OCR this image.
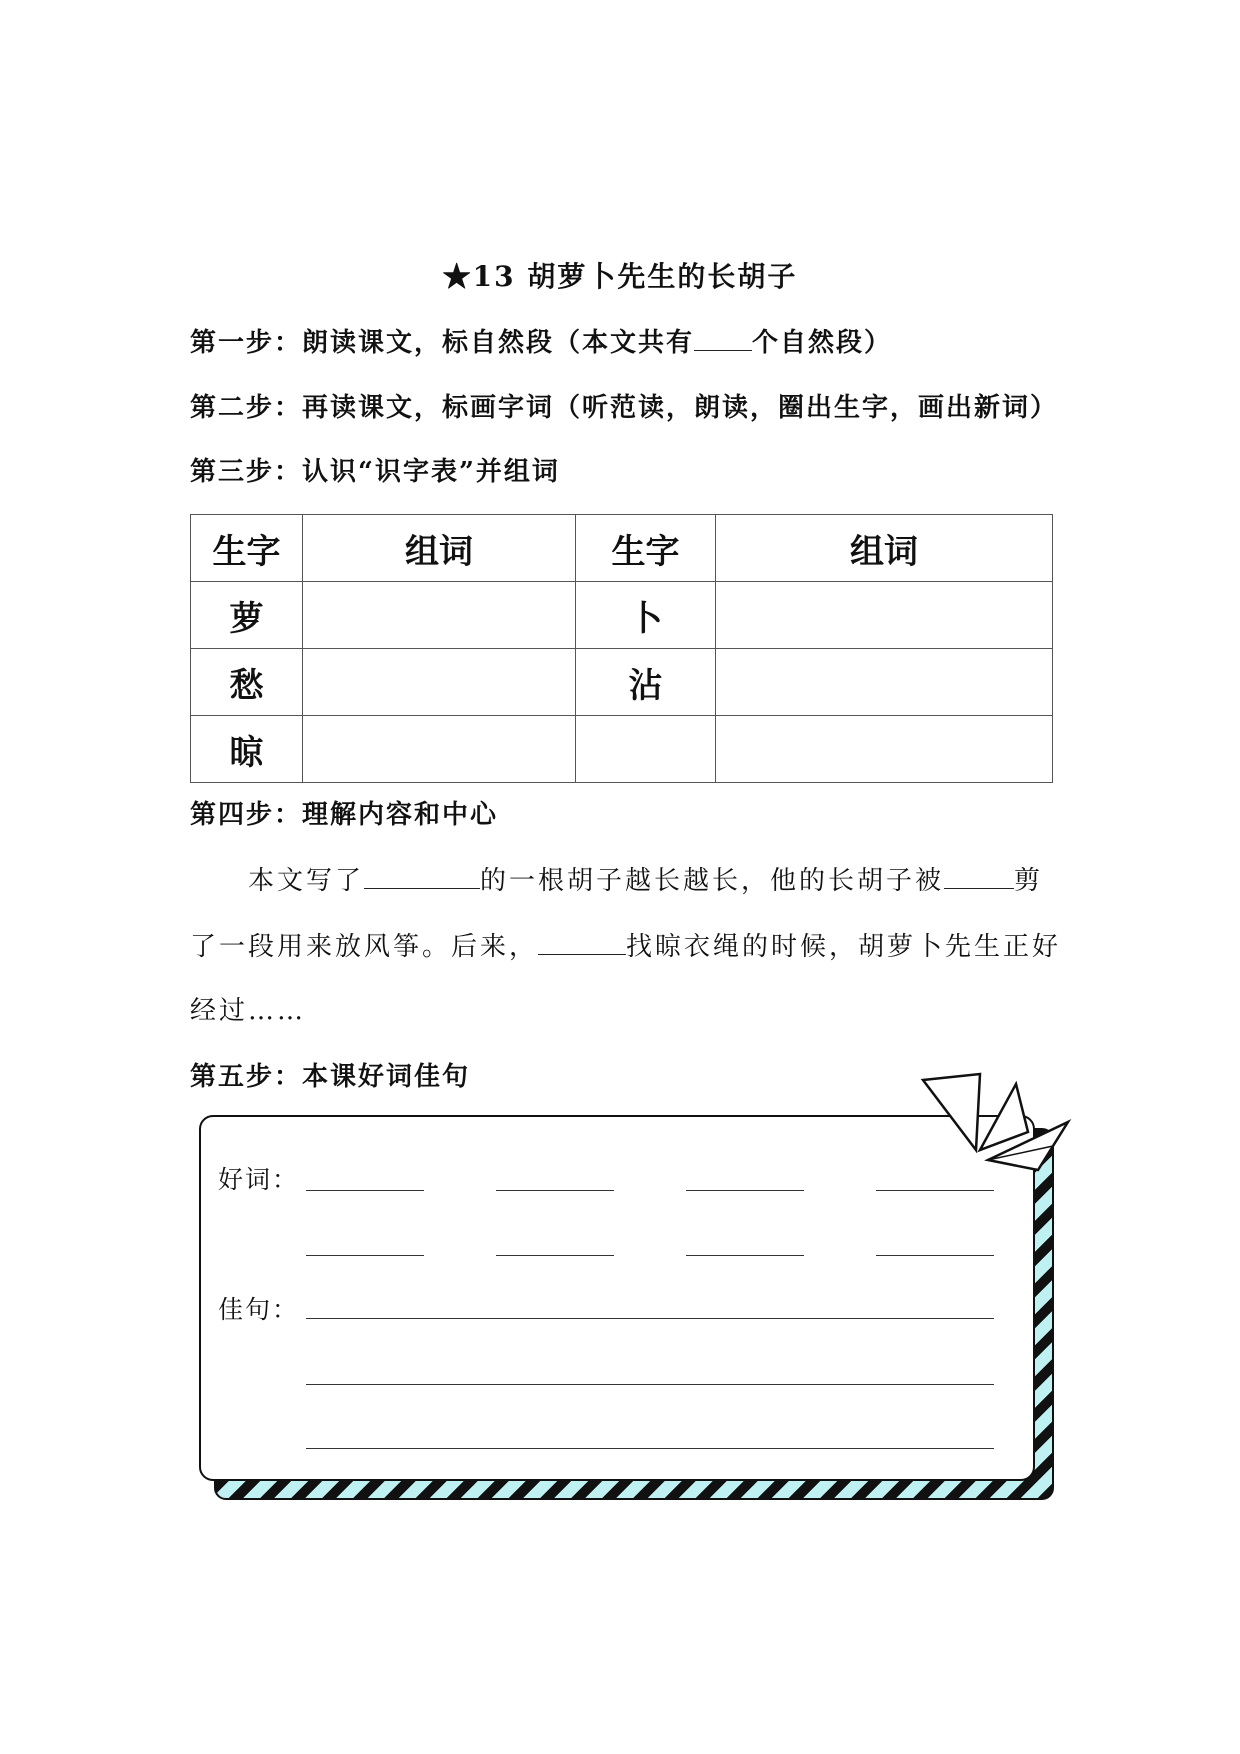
★13 胡萝卜先生的长胡子
第一步：朗读课文，标自然段（本文共有 个自然段）
第二步：再读课文，标画字词（听范读，朗读，圈出生字，画出新词）
第三步：认识“识字表”并组词
生字	组词	生字	组词
萝		卜	
愁		沾	
晾			
第四步：理解内容和中心
本文写了	的一根胡子越长越长，他的长胡子被	剪
了一段用来放风筝。后来，	找晾衣绳的时候，胡萝卜先生正好
经过……
第五步：本课好词佳句
好词：
佳句：
